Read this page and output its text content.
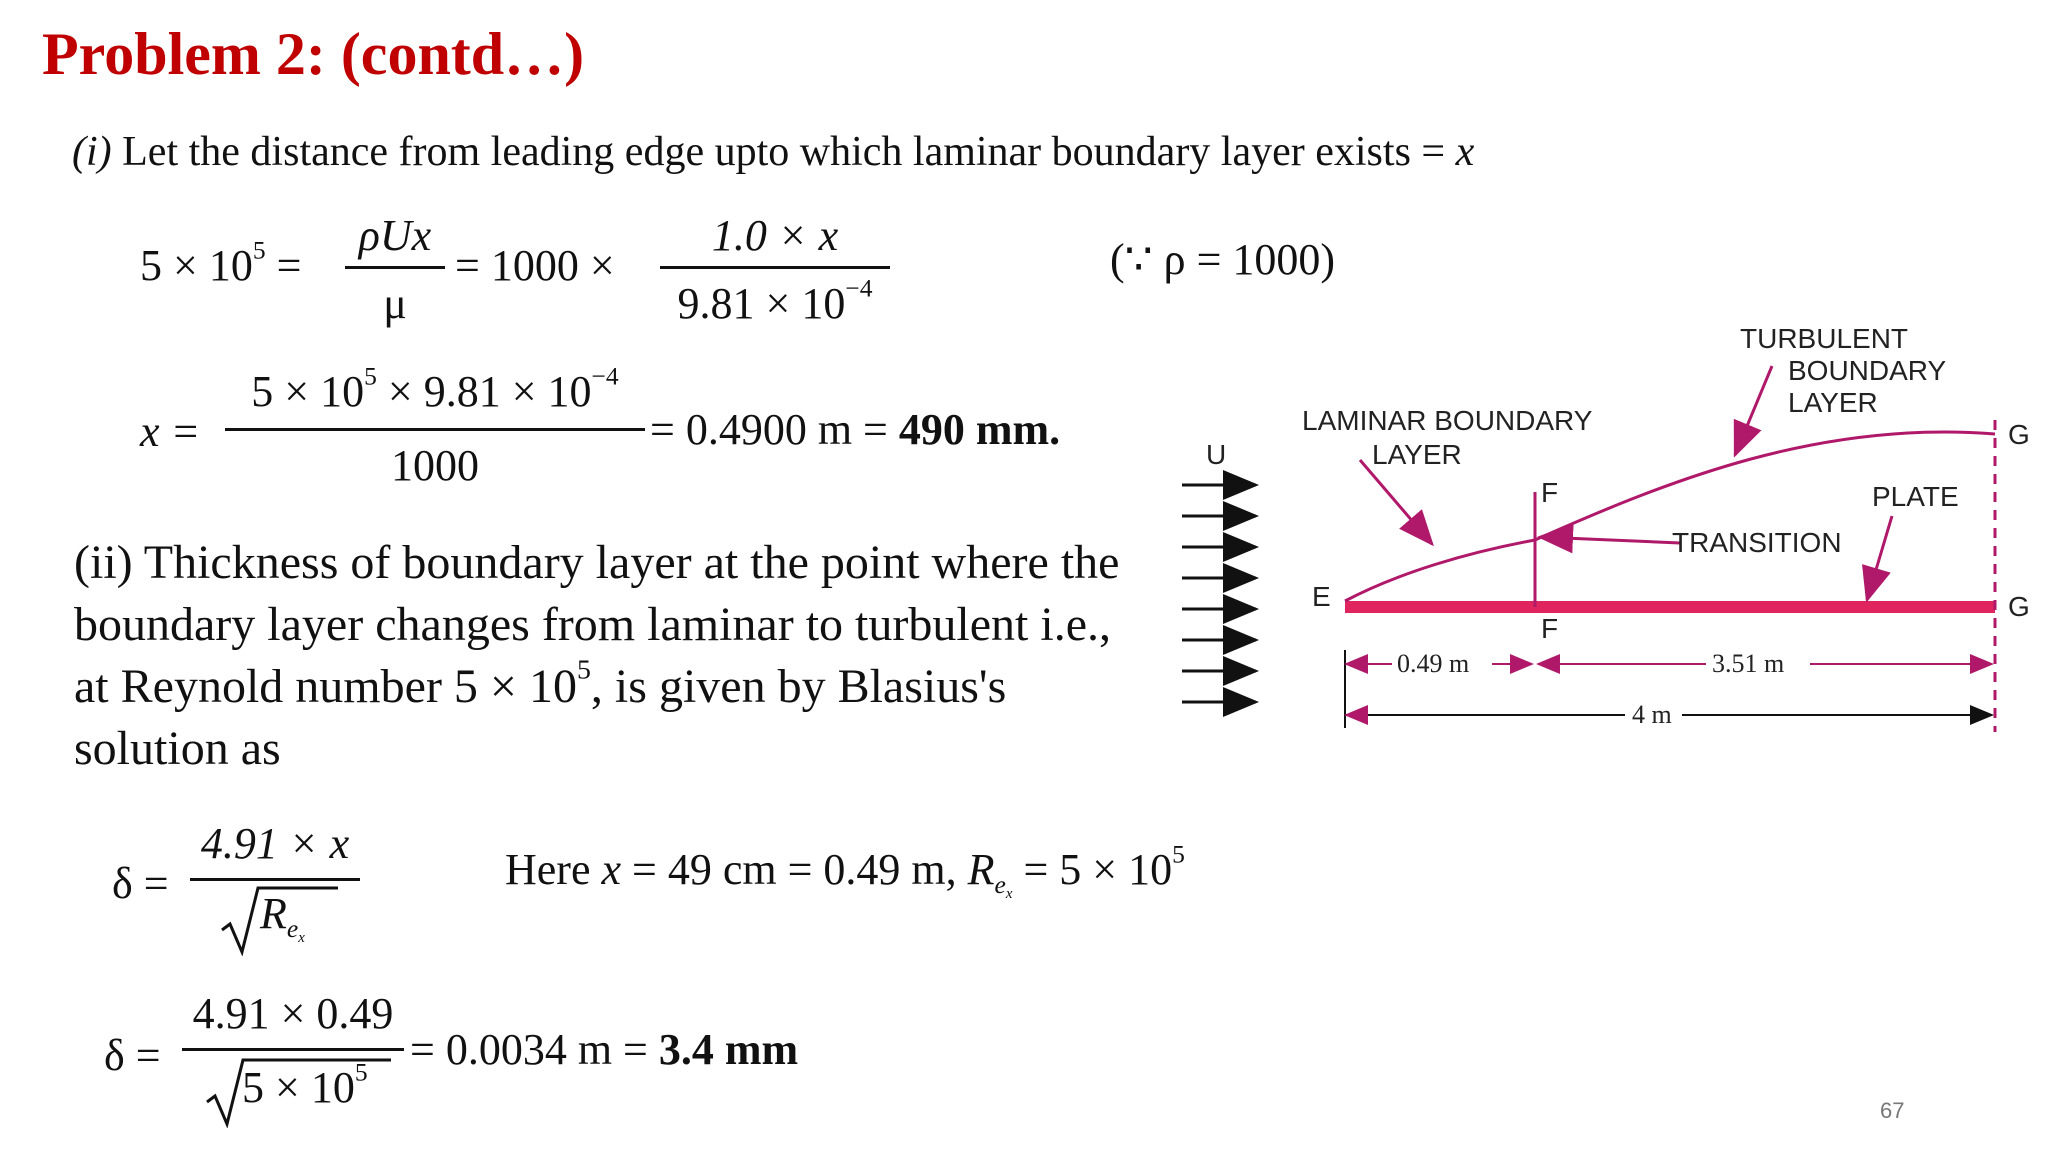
Problem 2: (contd…)
(i) Let the distance from leading edge upto which laminar boundary layer exists = x
$5 \times 10^5$ =
ρUx
μ
= 1000 ×
1.0 × x
$9.81 \times 10^{-4}$
(∵ ρ = 1000)
x =
$5 \times 10^5 \times 9.81 \times 10^{-4}$
1000
= 0.4900 m = 490 mm.
(ii) Thickness of boundary layer at the point where the boundary layer changes from laminar to turbulent i.e., at Reynold number $5 \times 10^5$, is given by Blasius's solution as
δ =
4.91 × x
$R_{e_x}$
Here x = 49 cm = 0.49 m, $R_{e_x} = 5 \times 10^5$
δ =
4.91 × 0.49
$5 \times 10^5 = 0.0034$ m = 3.4 mm
U
LAMINAR BOUNDARY
LAYER
TURBULENT
BOUNDARY
LAYER
TRANSITION
PLATE
E
F
F
G
G
0.49 m	3.51 m
4 m
67
